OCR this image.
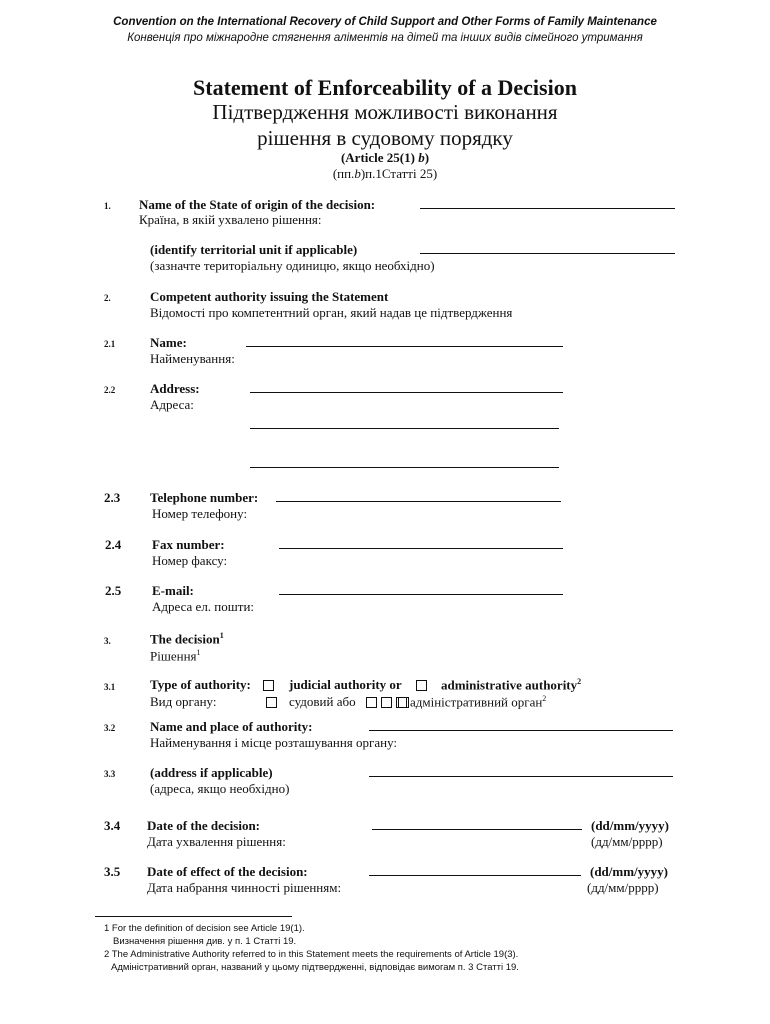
Convention on the International Recovery of Child Support and Other Forms of Family Maintenance
Конвенція про міжнародне стягнення аліментів на дітей та інших видів сімейного утримання
Statement of Enforceability of a Decision
Підтвердження можливості виконання
рішення в судовому порядку
(Article 25(1) b)
(пп.b)п.1Статті 25)
1. Name of the State of origin of the decision:
Країна, в якій ухвалено рішення:
(identify territorial unit if applicable)
(зазначте територіальну одиницю, якщо необхідно)
2.	Competent authority issuing the Statement
Відомості про компетентний орган, який надав це підтвердження
2.1	Name:
Найменування:
2.2	Address:
Адреса:
2.3 Telephone number:
Номер телефону:
2.4 Fax number:
Номер факсу:
2.5 E-mail:
Адреса ел. пошти:
3.	The decision$^1$
Рішення$^1$
3.1	Type of authority:	judicial authority or	administrative authority$^2$
Вид органу:	судовий або	адміністративний орган$^2$
3.2	Name and place of authority:
Найменування і місце розташування органу:
3.3	(address if applicable)
(адреса, якщо необхідно)
3.4 Date of the decision:
Дата ухвалення рішення:
(dd/mm/yyyy)
(дд/мм/рррр)
3.5 Date of effect of the decision:
Дата набрання чинності рішенням:
(dd/mm/yyyy)
(дд/мм/рррр)
1 For the definition of decision see Article 19(1).
Визначення рішення див. у п. 1 Статті 19.
2 The Administrative Authority referred to in this Statement meets the requirements of Article 19(3).
Адміністративний орган, названий у цьому підтвердженні, відповідає вимогам п. 3 Статті 19.
